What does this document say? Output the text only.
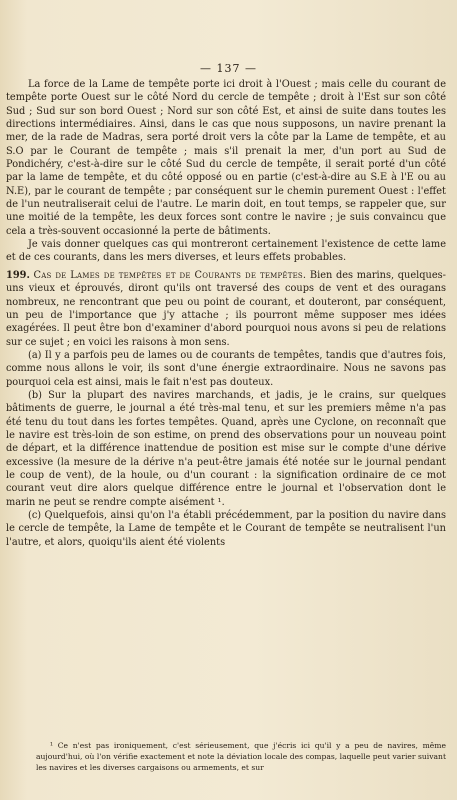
— 137 —

La force de la Lame de tempête porte ici droit à l'Ouest ; mais celle du courant de tempête porte Ouest sur le côté Nord du cercle de tempête ; droit à l'Est sur son côté Sud ; Sud sur son bord Ouest ; Nord sur son côté Est, et ainsi de suite dans toutes les directions intermédiaires. Ainsi, dans le cas que nous supposons, un navire prenant la mer, de la rade de Madras, sera porté droit vers la côte par la Lame de tempête, et au S.O par le Courant de tempête ; mais s'il prenait la mer, d'un port au Sud de Pondichéry, c'est-à-dire sur le côté Sud du cercle de tempête, il serait porté d'un côté par la lame de tempête, et du côté opposé ou en partie (c'est-à-dire au S.E à l'E ou au N.E), par le courant de tempête ; par conséquent sur le chemin purement Ouest : l'effet de l'un neutraliserait celui de l'autre. Le marin doit, en tout temps, se rappeler que, sur une moitié de la tempête, les deux forces sont contre le navire ; je suis convaincu que cela a très-souvent occasionné la perte de bâtiments.

Je vais donner quelques cas qui montreront certainement l'existence de cette lame et de ces courants, dans les mers diverses, et leurs effets probables.

199. Cas de Lames de tempêtes et de Courants de tempêtes. Bien des marins, quelques-uns vieux et éprouvés, diront qu'ils ont traversé des coups de vent et des ouragans nombreux, ne rencontrant que peu ou point de courant, et douteront, par conséquent, un peu de l'importance que j'y attache ; ils pourront même supposer mes idées exagérées. Il peut être bon d'examiner d'abord pourquoi nous avons si peu de relations sur ce sujet ; en voici les raisons à mon sens.

(a) Il y a parfois peu de lames ou de courants de tempêtes, tandis que d'autres fois, comme nous allons le voir, ils sont d'une énergie extraordinaire. Nous ne savons pas pourquoi cela est ainsi, mais le fait n'est pas douteux.

(b) Sur la plupart des navires marchands, et jadis, je le crains, sur quelques bâtiments de guerre, le journal a été très-mal tenu, et sur les premiers même n'a pas été tenu du tout dans les fortes tempêtes. Quand, après une Cyclone, on reconnaît que le navire est très-loin de son estime, on prend des observations pour un nouveau point de départ, et la différence inattendue de position est mise sur le compte d'une dérive excessive (la mesure de la dérive n'a peut-être jamais été notée sur le journal pendant le coup de vent), de la houle, ou d'un courant : la signification ordinaire de ce mot courant veut dire alors quelque différence entre le journal et l'observation dont le marin ne peut se rendre compte aisément ¹.

(c) Quelquefois, ainsi qu'on l'a établi précédemment, par la position du navire dans le cercle de tempête, la Lame de tempête et le Courant de tempête se neutralisent l'un l'autre, et alors, quoiqu'ils aient été violents

¹ Ce n'est pas ironiquement, c'est sérieusement, que j'écris ici qu'il y a peu de navires, même aujourd'hui, où l'on vérifie exactement et note la déviation locale des compas, laquelle peut varier suivant les navires et les diverses cargaisons ou armements, et sur
